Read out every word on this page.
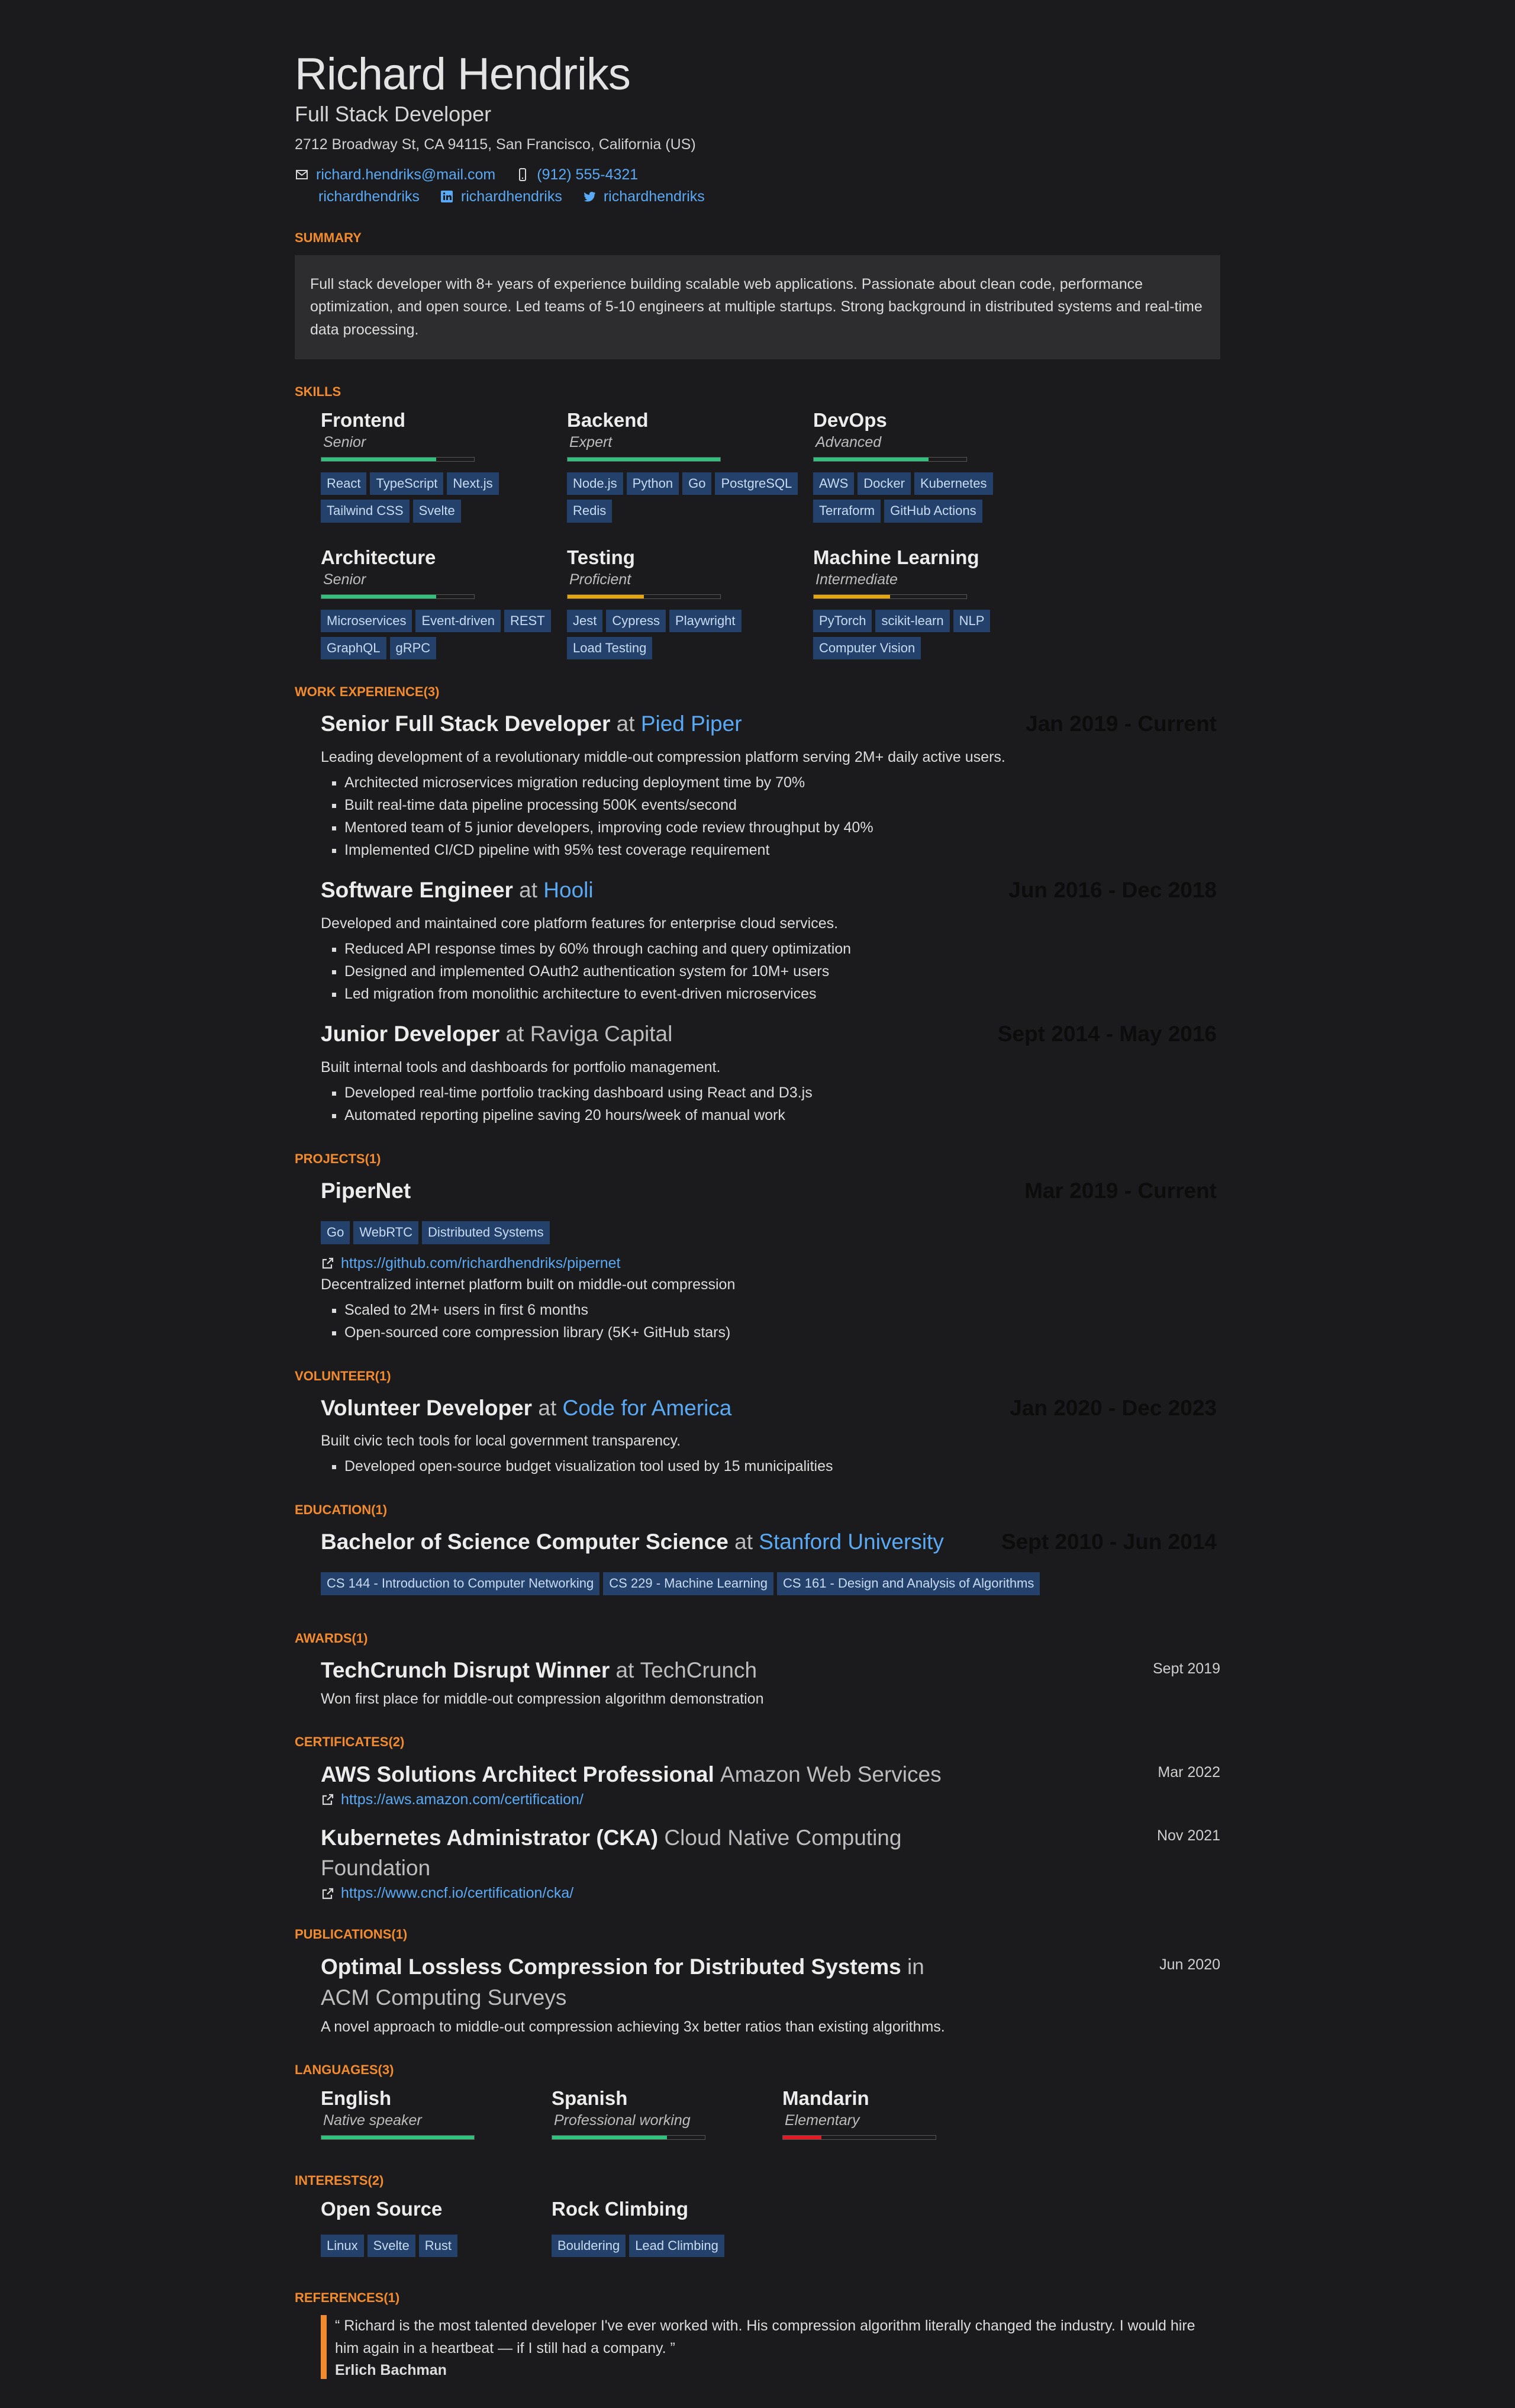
Richard Hendriks
Full Stack Developer
2712 Broadway St, CA 94115, San Francisco, California (US)
richard.hendriks@mail.com	(912) 555-4321
richardhendriks	richardhendriks	richardhendriks
SUMMARY
Full stack developer with 8+ years of experience building scalable web applications. Passionate about clean code, performance optimization, and open source. Led teams of 5-10 engineers at multiple startups. Strong background in distributed systems and real-time data processing.
SKILLS
Frontend
Senior
React	TypeScript	Next.js
Tailwind CSS	Svelte
Backend
Expert
Node.js	Python	Go	PostgreSQL
Redis
DevOps
Advanced
AWS	Docker	Kubernetes
Terraform	GitHub Actions
Architecture
Senior
Microservices	Event-driven	REST
GraphQL	gRPC
Testing
Proficient
Jest	Cypress	Playwright
Load Testing
Machine Learning
Intermediate
PyTorch	scikit-learn	NLP
Computer Vision
WORK EXPERIENCE(3)
Senior Full Stack Developer at Pied Piper	Jan 2019 - Current
Leading development of a revolutionary middle-out compression platform serving 2M+ daily active users.
▪ Architected microservices migration reducing deployment time by 70%
▪ Built real-time data pipeline processing 500K events/second
▪ Mentored team of 5 junior developers, improving code review throughput by 40%
▪ Implemented CI/CD pipeline with 95% test coverage requirement
Software Engineer at Hooli	Jun 2016 - Dec 2018
Developed and maintained core platform features for enterprise cloud services.
▪ Reduced API response times by 60% through caching and query optimization
▪ Designed and implemented OAuth2 authentication system for 10M+ users
▪ Led migration from monolithic architecture to event-driven microservices
Junior Developer at Raviga Capital	Sept 2014 - May 2016
Built internal tools and dashboards for portfolio management.
▪ Developed real-time portfolio tracking dashboard using React and D3.js
▪ Automated reporting pipeline saving 20 hours/week of manual work
PROJECTS(1)
PiperNet	Mar 2019 - Current
Go	WebRTC	Distributed Systems
https://github.com/richardhendriks/pipernet
Decentralized internet platform built on middle-out compression
▪ Scaled to 2M+ users in first 6 months
▪ Open-sourced core compression library (5K+ GitHub stars)
VOLUNTEER(1)
Volunteer Developer at Code for America	Jan 2020 - Dec 2023
Built civic tech tools for local government transparency.
▪ Developed open-source budget visualization tool used by 15 municipalities
EDUCATION(1)
Bachelor of Science Computer Science at Stanford University	Sept 2010 - Jun 2014
CS 144 - Introduction to Computer Networking	CS 229 - Machine Learning	CS 161 - Design and Analysis of Algorithms
AWARDS(1)
TechCrunch Disrupt Winner at TechCrunch	Sept 2019
Won first place for middle-out compression algorithm demonstration
CERTIFICATES(2)
AWS Solutions Architect Professional Amazon Web Services	Mar 2022
https://aws.amazon.com/certification/
Kubernetes Administrator (CKA) Cloud Native Computing Foundation
Nov 2021
https://www.cncf.io/certification/cka/
PUBLICATIONS(1)
Optimal Lossless Compression for Distributed Systems in ACM Computing Surveys
Jun 2020
A novel approach to middle-out compression achieving 3x better ratios than existing algorithms.
LANGUAGES(3)
English
Native speaker
Spanish
Professional working
Mandarin
Elementary
INTERESTS(2)
Open Source
Linux	Svelte	Rust
Rock Climbing
Bouldering	Lead Climbing
REFERENCES(1)
“ Richard is the most talented developer I've ever worked with. His compression algorithm literally changed the industry. I would hire him again in a heartbeat — if I still had a company. ”
Erlich Bachman
